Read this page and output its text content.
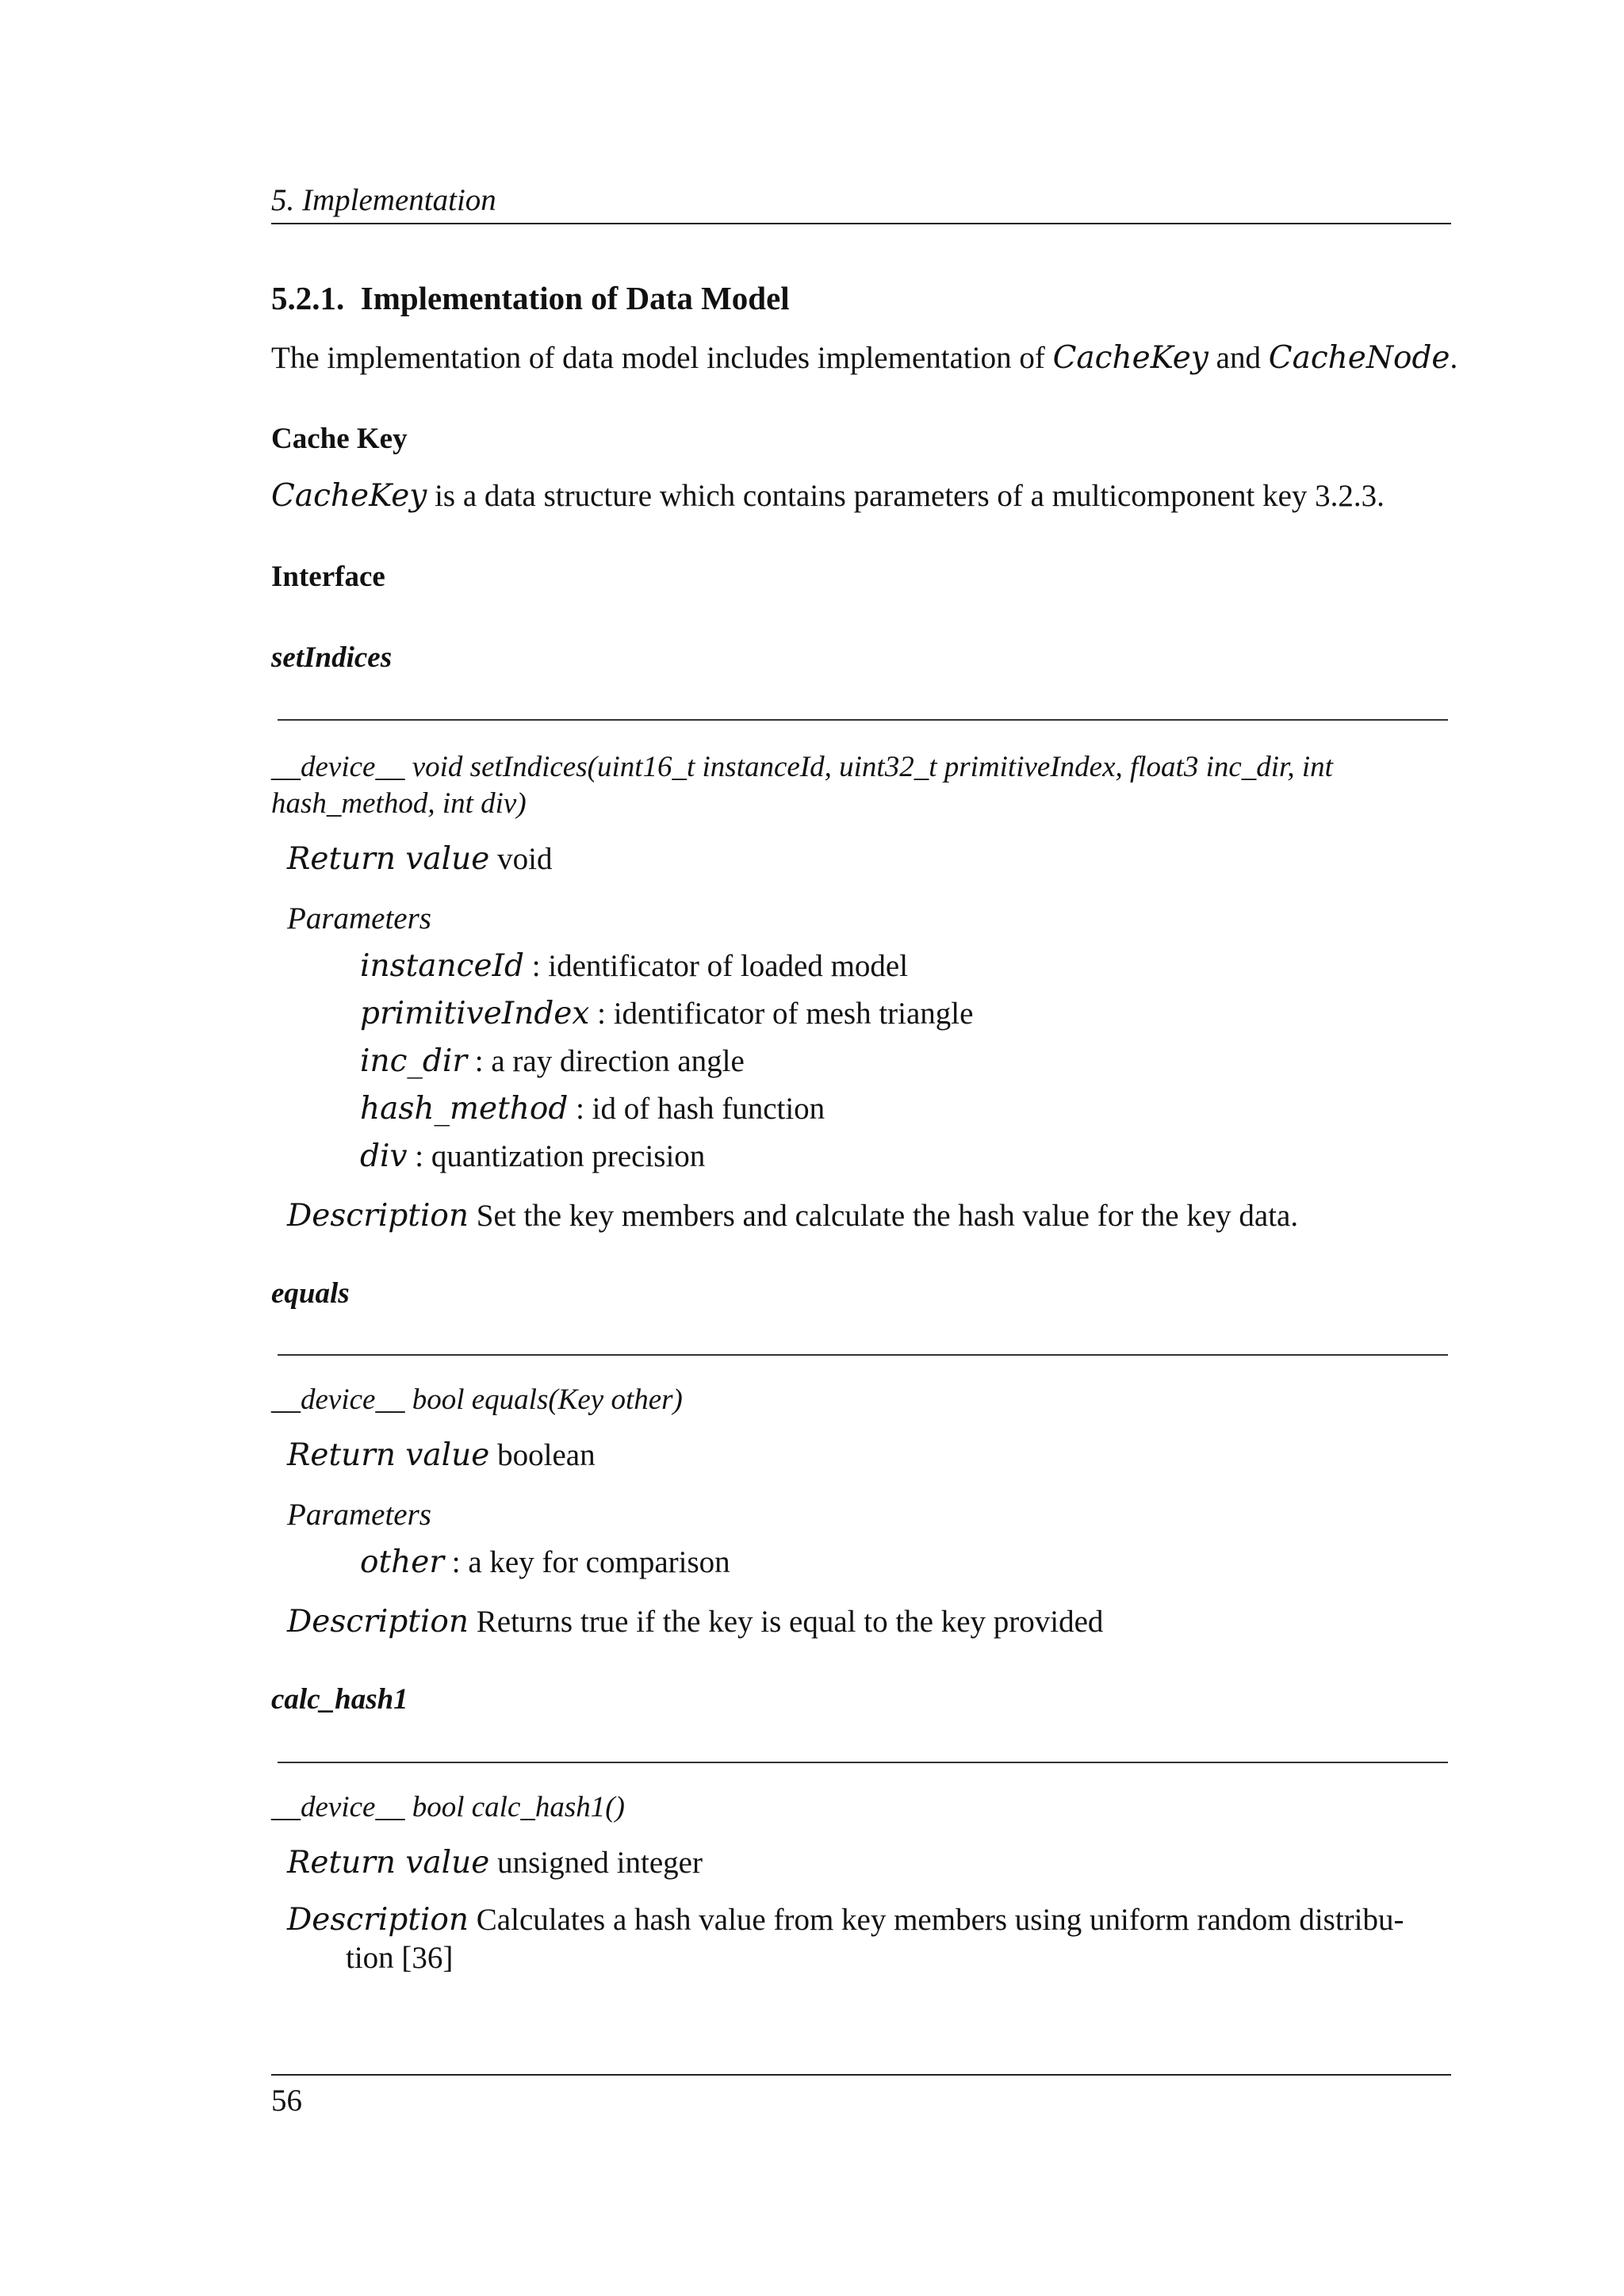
5. Implementation
5.2.1. Implementation of Data Model
The implementation of data model includes implementation of CacheKey and CacheNode.
Cache Key
CacheKey is a data structure which contains parameters of a multicomponent key 3.2.3.
Interface
setIndices
__device__ void setIndices(uint16_t instanceId, uint32_t primitiveIndex, float3 inc_dir, int
hash_method, int div)
Return value void
Parameters
instanceId : identificator of loaded model
primitiveIndex : identificator of mesh triangle
inc_dir : a ray direction angle
hash_method : id of hash function
div : quantization precision
Description Set the key members and calculate the hash value for the key data.
equals
__device__ bool equals(Key other)
Return value boolean
Parameters
other : a key for comparison
Description Returns true if the key is equal to the key provided
calc_hash1
__device__ bool calc_hash1()
Return value unsigned integer
Description Calculates a hash value from key members using uniform random distribu-
tion [36]
56
